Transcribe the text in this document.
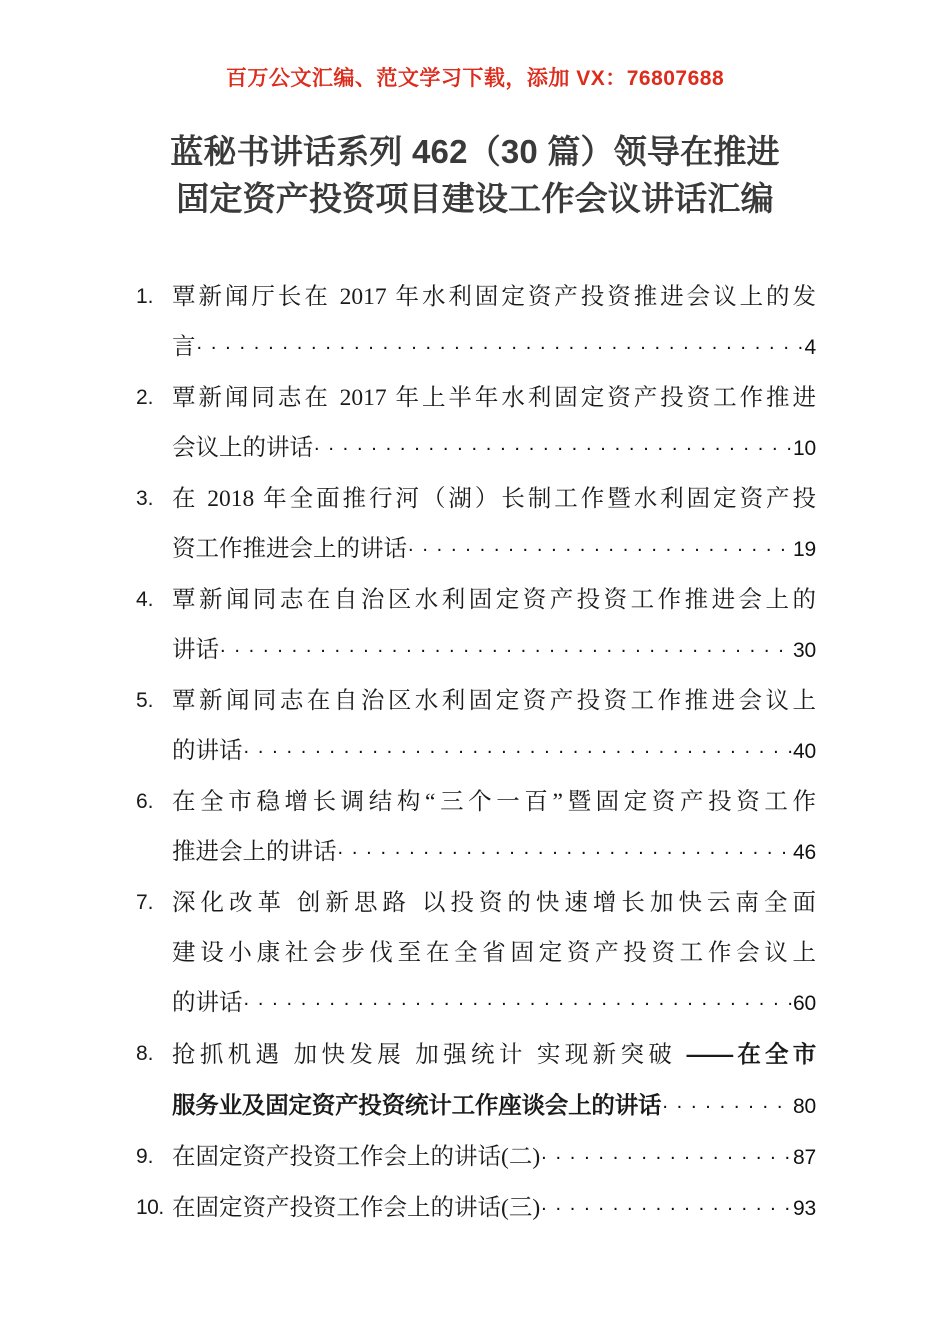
百万公文汇编、范文学习下载，添加 VX：76807688
蓝秘书讲话系列 462（30 篇）领导在推进
固定资产投资项目建设工作会议讲话汇编
1. 覃新闻厅长在 2017 年水利固定资产投资推进会议上的发
言 . . .	4
2. 覃新闻同志在 2017 年上半年水利固定资产投资工作推进
会议上的讲话 . . .	10
3. 在 2018 年全面推行河（湖）长制工作暨水利固定资产投
资工作推进会上的讲话 . . .	19
4. 覃新闻同志在自治区水利固定资产投资工作推进会上的
讲话 . . .	30
5. 覃新闻同志在自治区水利固定资产投资工作推进会议上
的讲话 . . .	40
6. 在全市稳增长调结构“三个一百”暨固定资产投资工作
推进会上的讲话 . . .	46
7. 深化改革 创新思路 以投资的快速增长加快云南全面
建设小康社会步伐至在全省固定资产投资工作会议上
的讲话 . . .	60
8. 抢抓机遇 加快发展 加强统计 实现新突破 ——在全市
服务业及固定资产投资统计工作座谈会上的讲话 . . .	80
9. 在固定资产投资工作会上的讲话(二) . . .	87
10. 在固定资产投资工作会上的讲话(三) . . .	93
